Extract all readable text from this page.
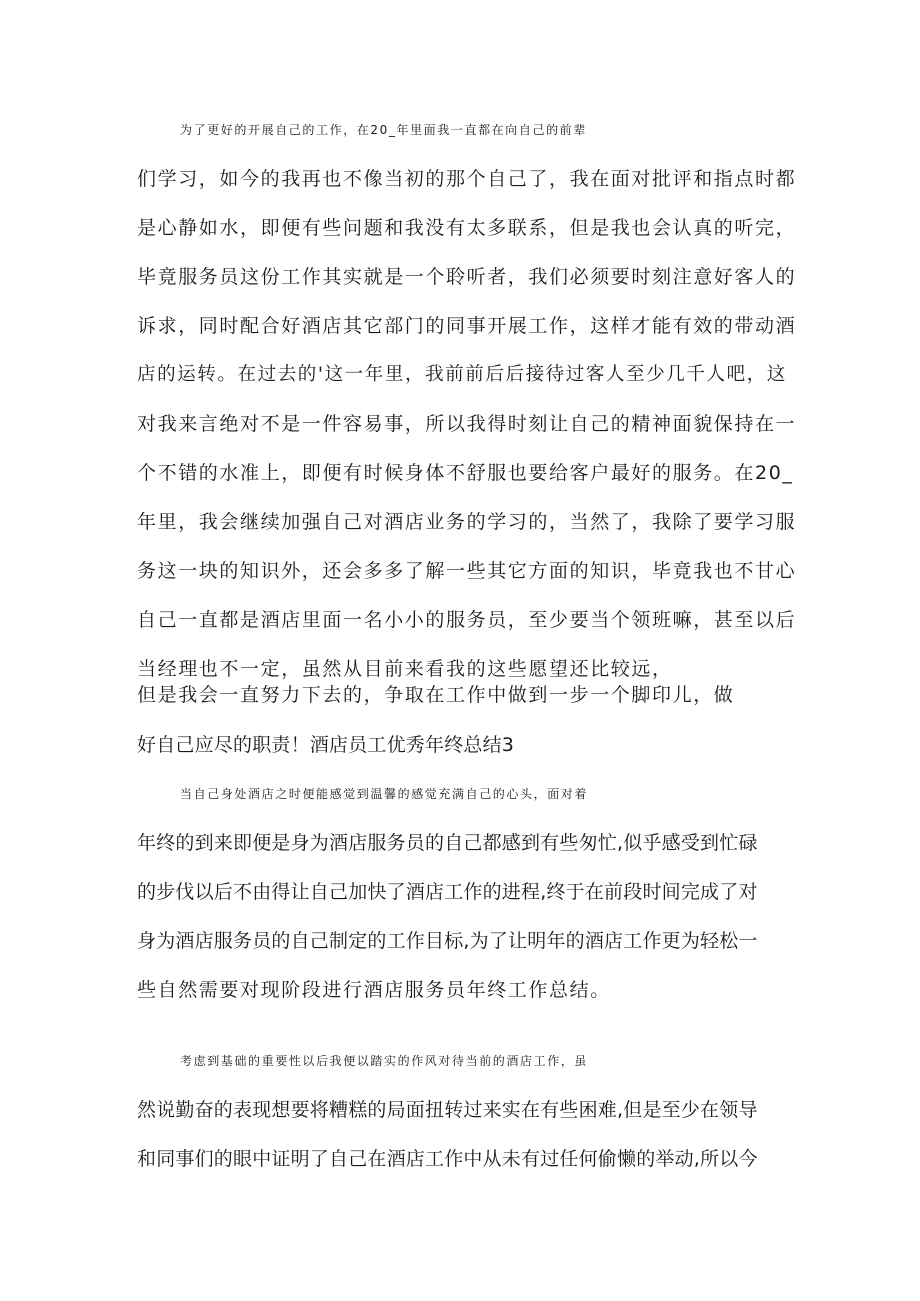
为了更好的开展自己的工作，在20_年里面我一直都在向自己的前辈
们学习，如今的我再也不像当初的那个自己了，我在面对批评和指点时都
是心静如水，即便有些问题和我没有太多联系，但是我也会认真的听完，
毕竟服务员这份工作其实就是一个聆听者，我们必须要时刻注意好客人的
诉求，同时配合好酒店其它部门的同事开展工作，这样才能有效的带动酒
店的运转。在过去的'这一年里，我前前后后接待过客人至少几千人吧，这
对我来言绝对不是一件容易事，所以我得时刻让自己的精神面貌保持在一
个不错的水准上，即便有时候身体不舒服也要给客户最好的服务。在20_
年里，我会继续加强自己对酒店业务的学习的，当然了，我除了要学习服
务这一块的知识外，还会多多了解一些其它方面的知识，毕竟我也不甘心
自己一直都是酒店里面一名小小的服务员，至少要当个领班嘛，甚至以后
当经理也不一定，虽然从目前来看我的这些愿望还比较远，
但是我会一直努力下去的，争取在工作中做到一步一个脚印儿，做
好自己应尽的职责！酒店员工优秀年终总结3
当自己身处酒店之时便能感觉到温馨的感觉充满自己的心头，面对着
年终的到来即便是身为酒店服务员的自己都感到有些匆忙,似乎感受到忙碌
的步伐以后不由得让自己加快了酒店工作的进程,终于在前段时间完成了对
身为酒店服务员的自己制定的工作目标,为了让明年的酒店工作更为轻松一
些自然需要对现阶段进行酒店服务员年终工作总结。
考虑到基础的重要性以后我便以踏实的作风对待当前的酒店工作，虽
然说勤奋的表现想要将糟糕的局面扭转过来实在有些困难,但是至少在领导
和同事们的眼中证明了自己在酒店工作中从未有过任何偷懒的举动,所以今
